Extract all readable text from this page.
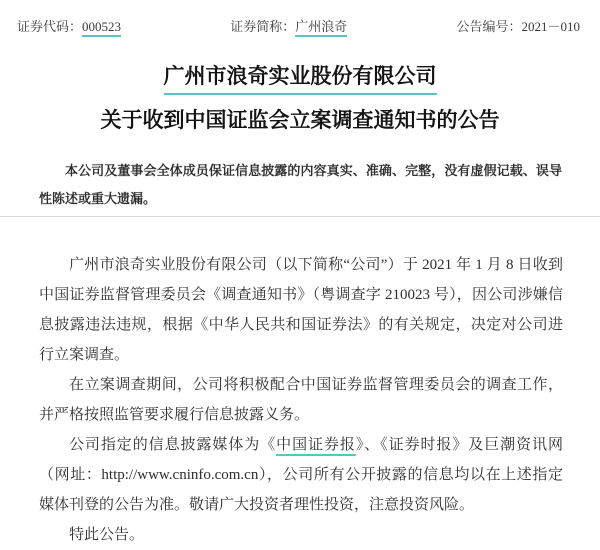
证券代码：000523	证券简称：广州浪奇	公告编号：2021－010
广州市浪奇实业股份有限公司
关于收到中国证监会立案调查通知书的公告

本公司及董事会全体成员保证信息披露的内容真实、准确、完整，没有虚假记载、误导性陈述或重大遗漏。

广州市浪奇实业股份有限公司（以下简称“公司”）于 2021 年 1 月 8 日收到中国证券监督管理委员会《调查通知书》（粤调查字 210023 号），因公司涉嫌信息披露违法违规，根据《中华人民共和国证券法》的有关规定，决定对公司进行立案调查。

在立案调查期间，公司将积极配合中国证券监督管理委员会的调查工作，并严格按照监管要求履行信息披露义务。

公司指定的信息披露媒体为《中国证券报》、《证券时报》及巨潮资讯网（网址：http://www.cninfo.com.cn），公司所有公开披露的信息均以在上述指定媒体刊登的公告为准。敬请广大投资者理性投资，注意投资风险。

特此公告。
